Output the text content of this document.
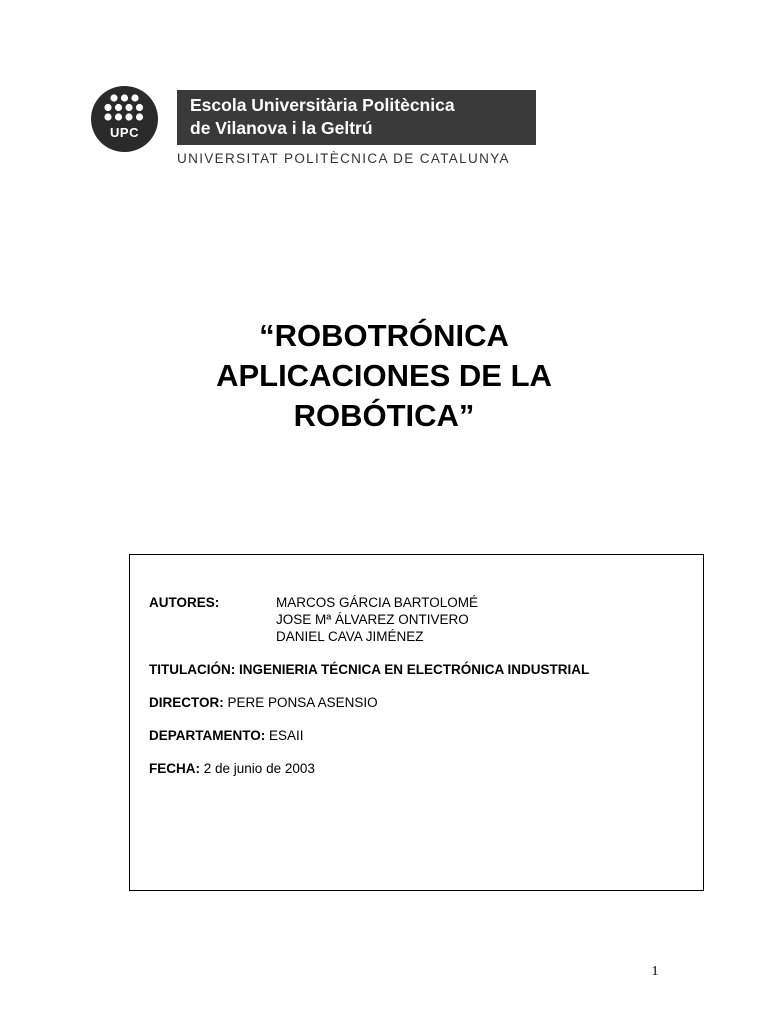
UPC
Escola Universitària Politècnica
de Vilanova i la Geltrú
UNIVERSITAT POLITÈCNICA DE CATALUNYA
“ROBOTRÓNICA
APLICACIONES DE LA
ROBÓTICA”
AUTORES:	MARCOS GÁRCIA BARTOLOMÉ
JOSE Mª ÁLVAREZ ONTIVERO
DANIEL CAVA JIMÉNEZ
TITULACIÓN: INGENIERIA TÉCNICA EN ELECTRÓNICA INDUSTRIAL
DIRECTOR: PERE PONSA ASENSIO
DEPARTAMENTO: ESAII
FECHA: 2 de junio de 2003
1
